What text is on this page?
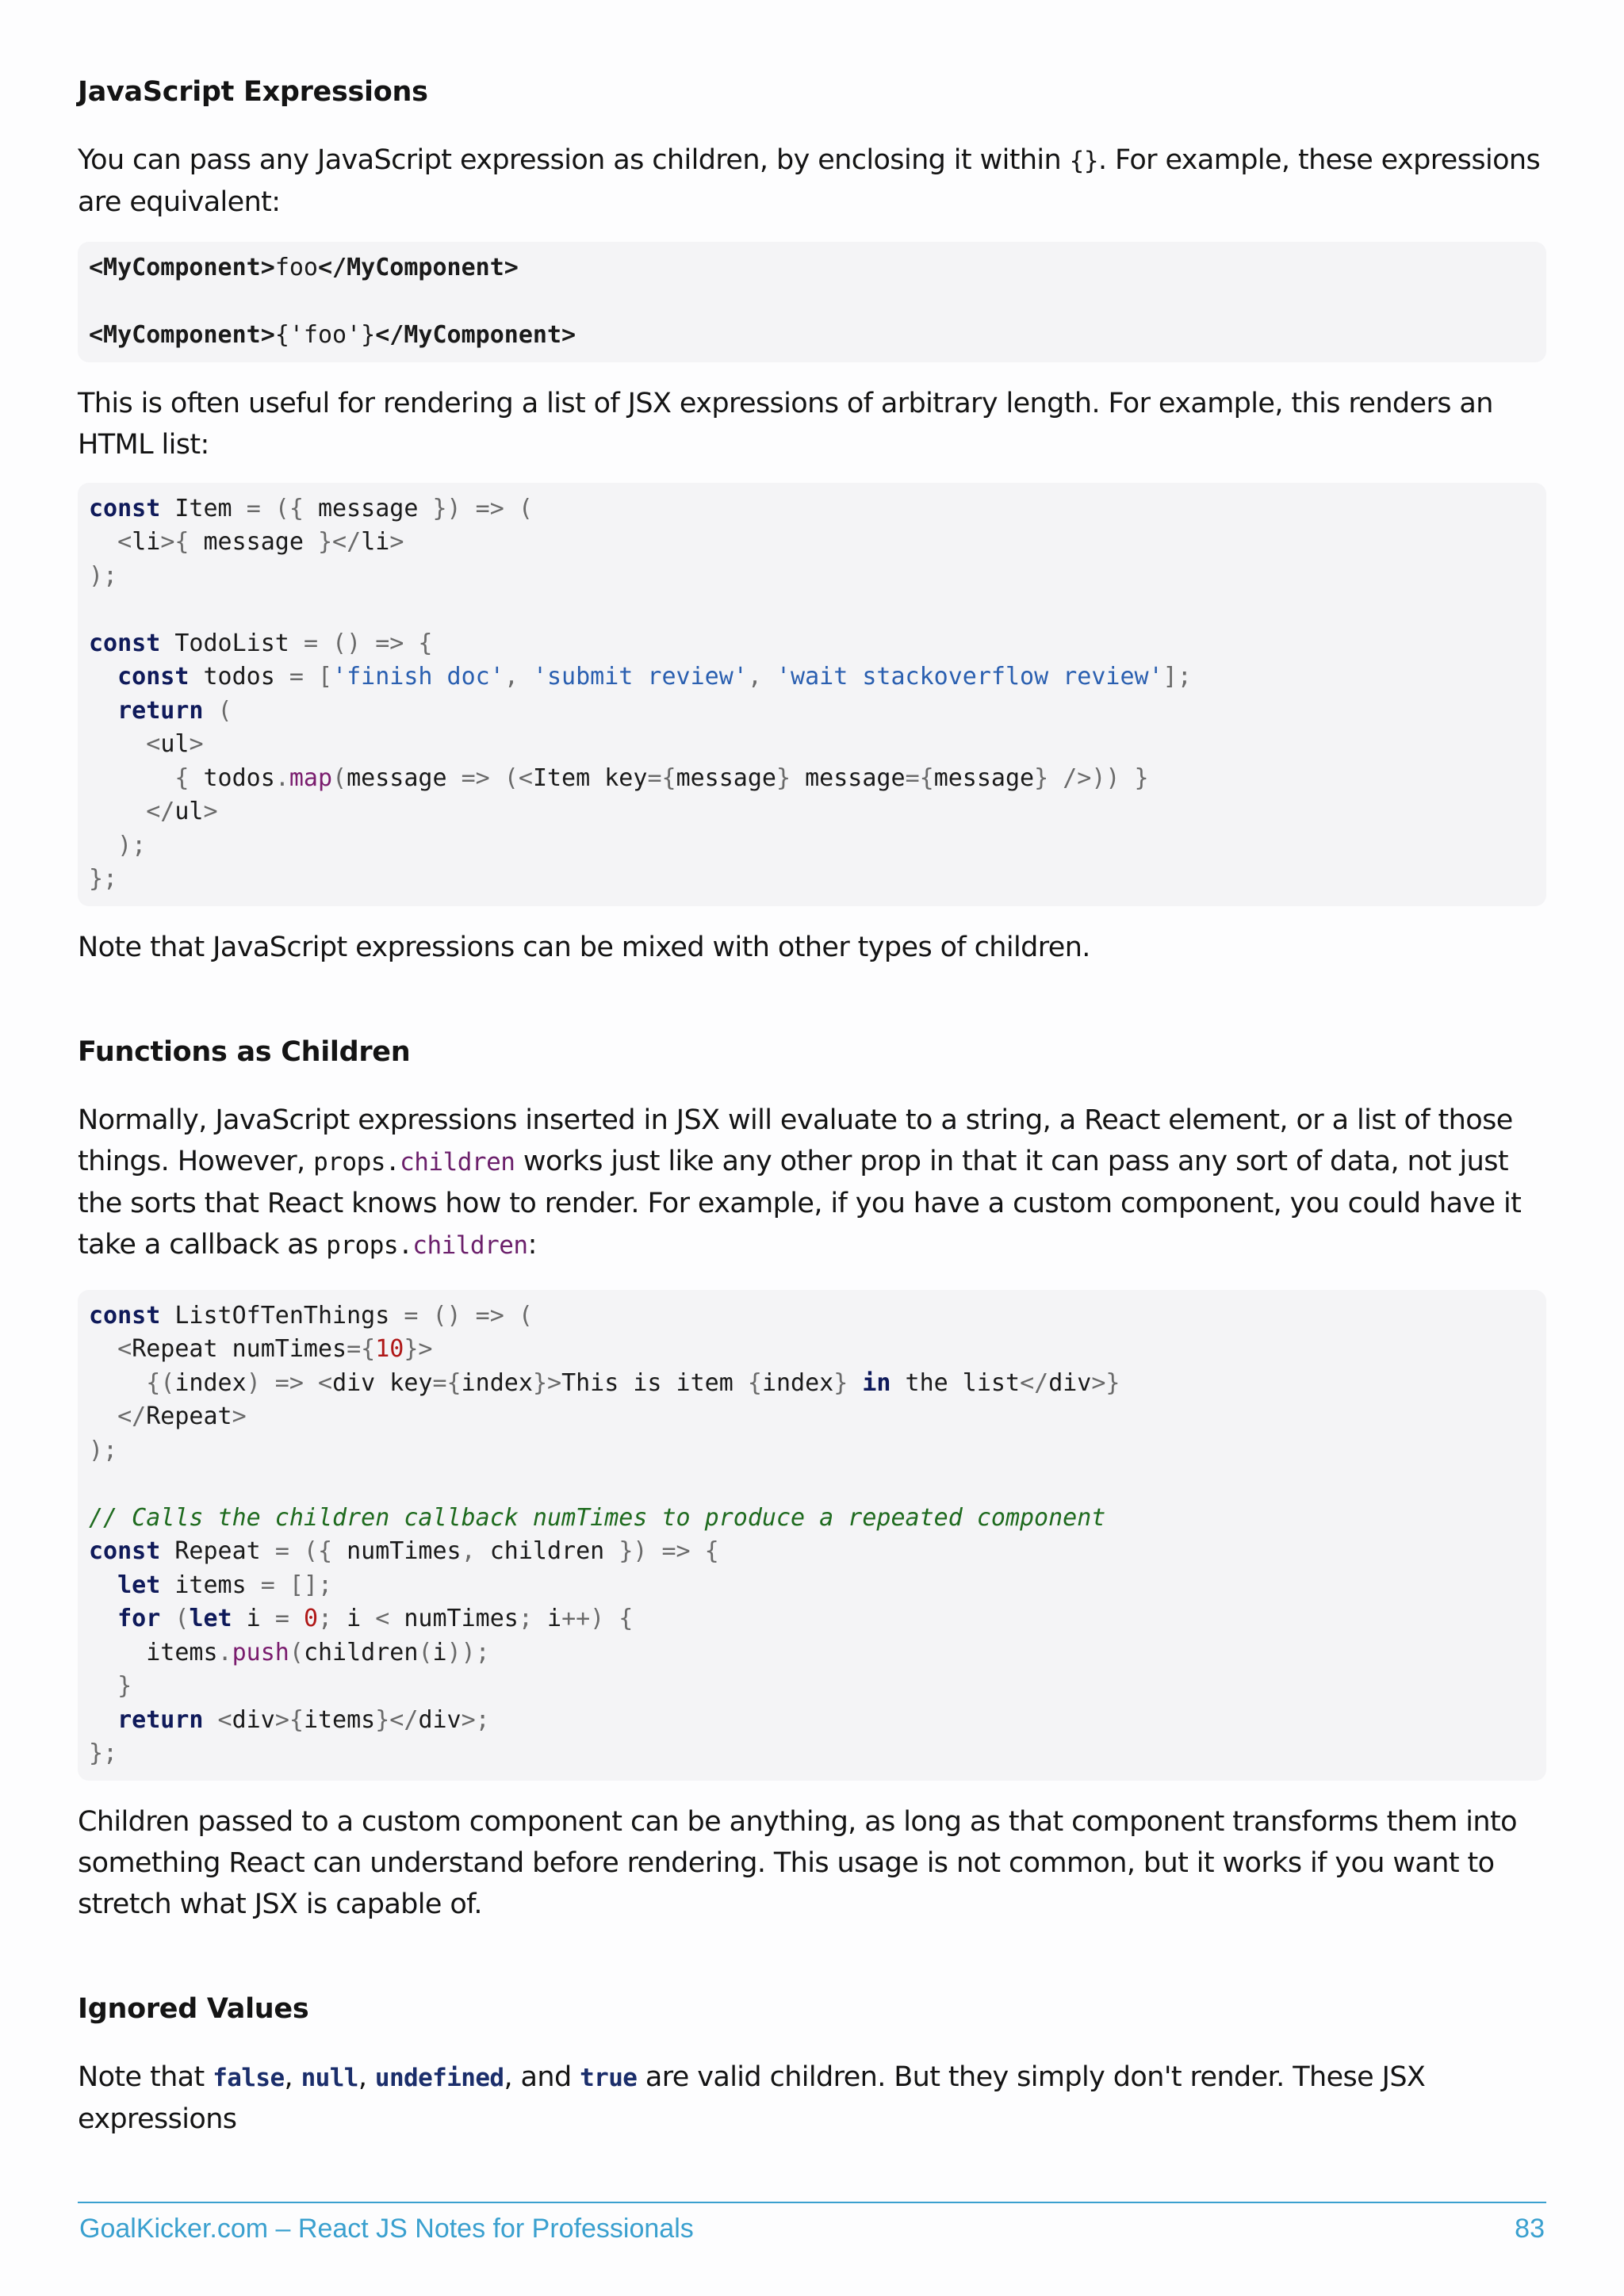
JavaScript Expressions

You can pass any JavaScript expression as children, by enclosing it within {}. For example, these expressions are equivalent:

<MyComponent>foo</MyComponent>

<MyComponent>{'foo'}</MyComponent>

This is often useful for rendering a list of JSX expressions of arbitrary length. For example, this renders an HTML list:

const Item = ({ message }) => (
<li>{ message }</li>
);

const TodoList = () => {
const todos = ['finish doc', 'submit review', 'wait stackoverflow review'];
return (
<ul>
{ todos.map(message => (<Item key={message} message={message} />)) }
</ul>
);
};

Note that JavaScript expressions can be mixed with other types of children.

Functions as Children

Normally, JavaScript expressions inserted in JSX will evaluate to a string, a React element, or a list of those things. However, props.children works just like any other prop in that it can pass any sort of data, not just the sorts that React knows how to render. For example, if you have a custom component, you could have it take a callback as props.children:

const ListOfTenThings = () => (
<Repeat numTimes={10}>
{(index) => <div key={index}>This is item {index} in the list</div>}
</Repeat>
);

// Calls the children callback numTimes to produce a repeated component
const Repeat = ({ numTimes, children }) => {
let items = [];
for (let i = 0; i < numTimes; i++) {
items.push(children(i));
}
return <div>{items}</div>;
};

Children passed to a custom component can be anything, as long as that component transforms them into something React can understand before rendering. This usage is not common, but it works if you want to stretch what JSX is capable of.

Ignored Values

Note that false, null, undefined, and true are valid children. But they simply don't render. These JSX expressions

GoalKicker.com – React JS Notes for Professionals	83
